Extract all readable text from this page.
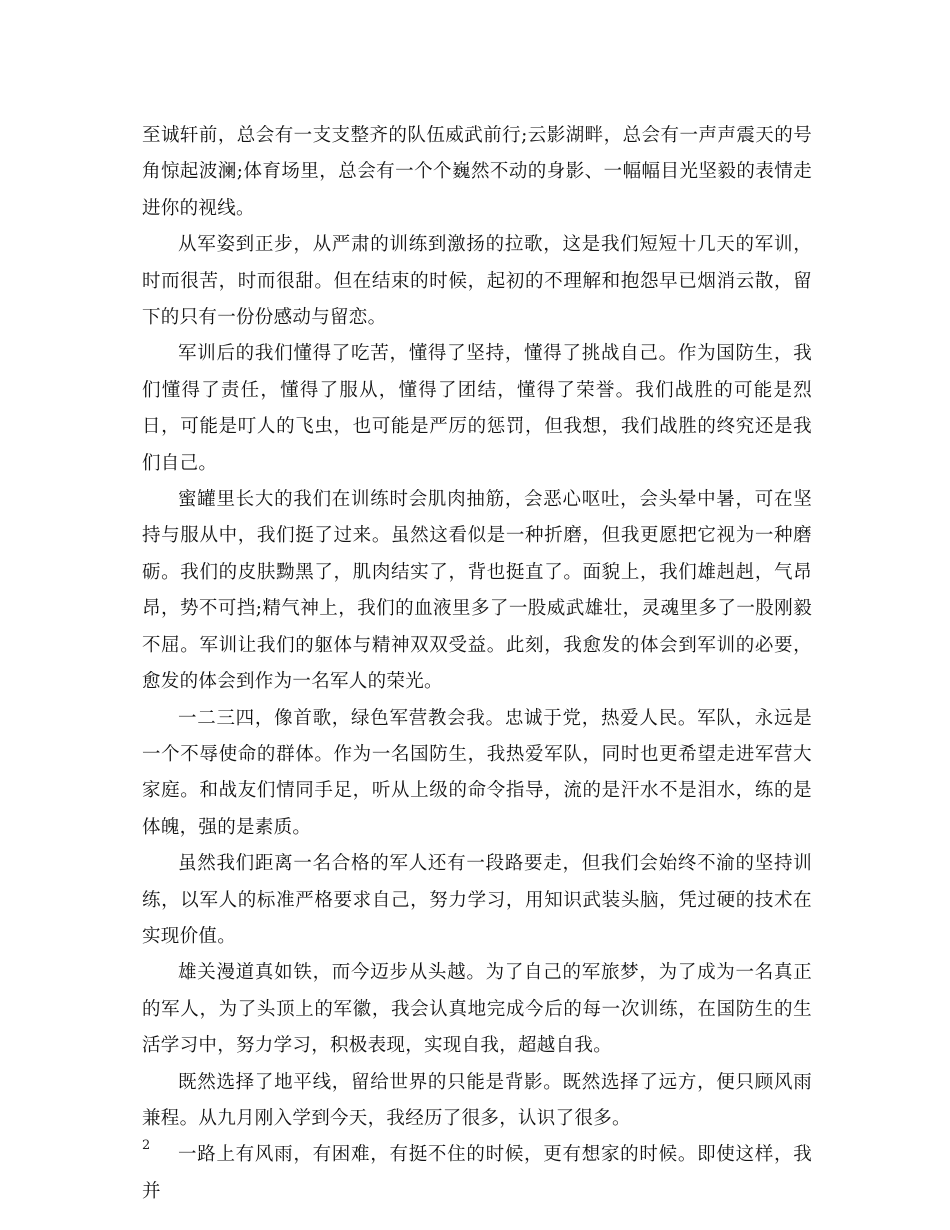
至诚轩前，总会有一支支整齐的队伍威武前行;云影湖畔，总会有一声声震天的号角惊起波澜;体育场里，总会有一个个巍然不动的身影、一幅幅目光坚毅的表情走进你的视线。

从军姿到正步，从严肃的训练到激扬的拉歌，这是我们短短十几天的军训，时而很苦，时而很甜。但在结束的时候，起初的不理解和抱怨早已烟消云散，留下的只有一份份感动与留恋。

军训后的我们懂得了吃苦，懂得了坚持，懂得了挑战自己。作为国防生，我们懂得了责任，懂得了服从，懂得了团结，懂得了荣誉。我们战胜的可能是烈日，可能是叮人的飞虫，也可能是严厉的惩罚，但我想，我们战胜的终究还是我们自己。

蜜罐里长大的我们在训练时会肌肉抽筋，会恶心呕吐，会头晕中暑，可在坚持与服从中，我们挺了过来。虽然这看似是一种折磨，但我更愿把它视为一种磨砺。我们的皮肤黝黑了，肌肉结实了，背也挺直了。面貌上，我们雄赳赳，气昂昂，势不可挡;精气神上，我们的血液里多了一股威武雄壮，灵魂里多了一股刚毅不屈。军训让我们的躯体与精神双双受益。此刻，我愈发的体会到军训的必要，愈发的体会到作为一名军人的荣光。

一二三四，像首歌，绿色军营教会我。忠诚于党，热爱人民。军队，永远是一个不辱使命的群体。作为一名国防生，我热爱军队，同时也更希望走进军营大家庭。和战友们情同手足，听从上级的命令指导，流的是汗水不是泪水，练的是体魄，强的是素质。

虽然我们距离一名合格的军人还有一段路要走，但我们会始终不渝的坚持训练，以军人的标准严格要求自己，努力学习，用知识武装头脑，凭过硬的技术在实现价值。

雄关漫道真如铁，而今迈步从头越。为了自己的军旅梦，为了成为一名真正的军人，为了头顶上的军徽，我会认真地完成今后的每一次训练，在国防生的生活学习中，努力学习，积极表现，实现自我，超越自我。

既然选择了地平线，留给世界的只能是背影。既然选择了远方，便只顾风雨兼程。从九月刚入学到今天，我经历了很多，认识了很多。

一路上有风雨，有困难，有挺不住的时候，更有想家的时候。即使这样，我并

2
